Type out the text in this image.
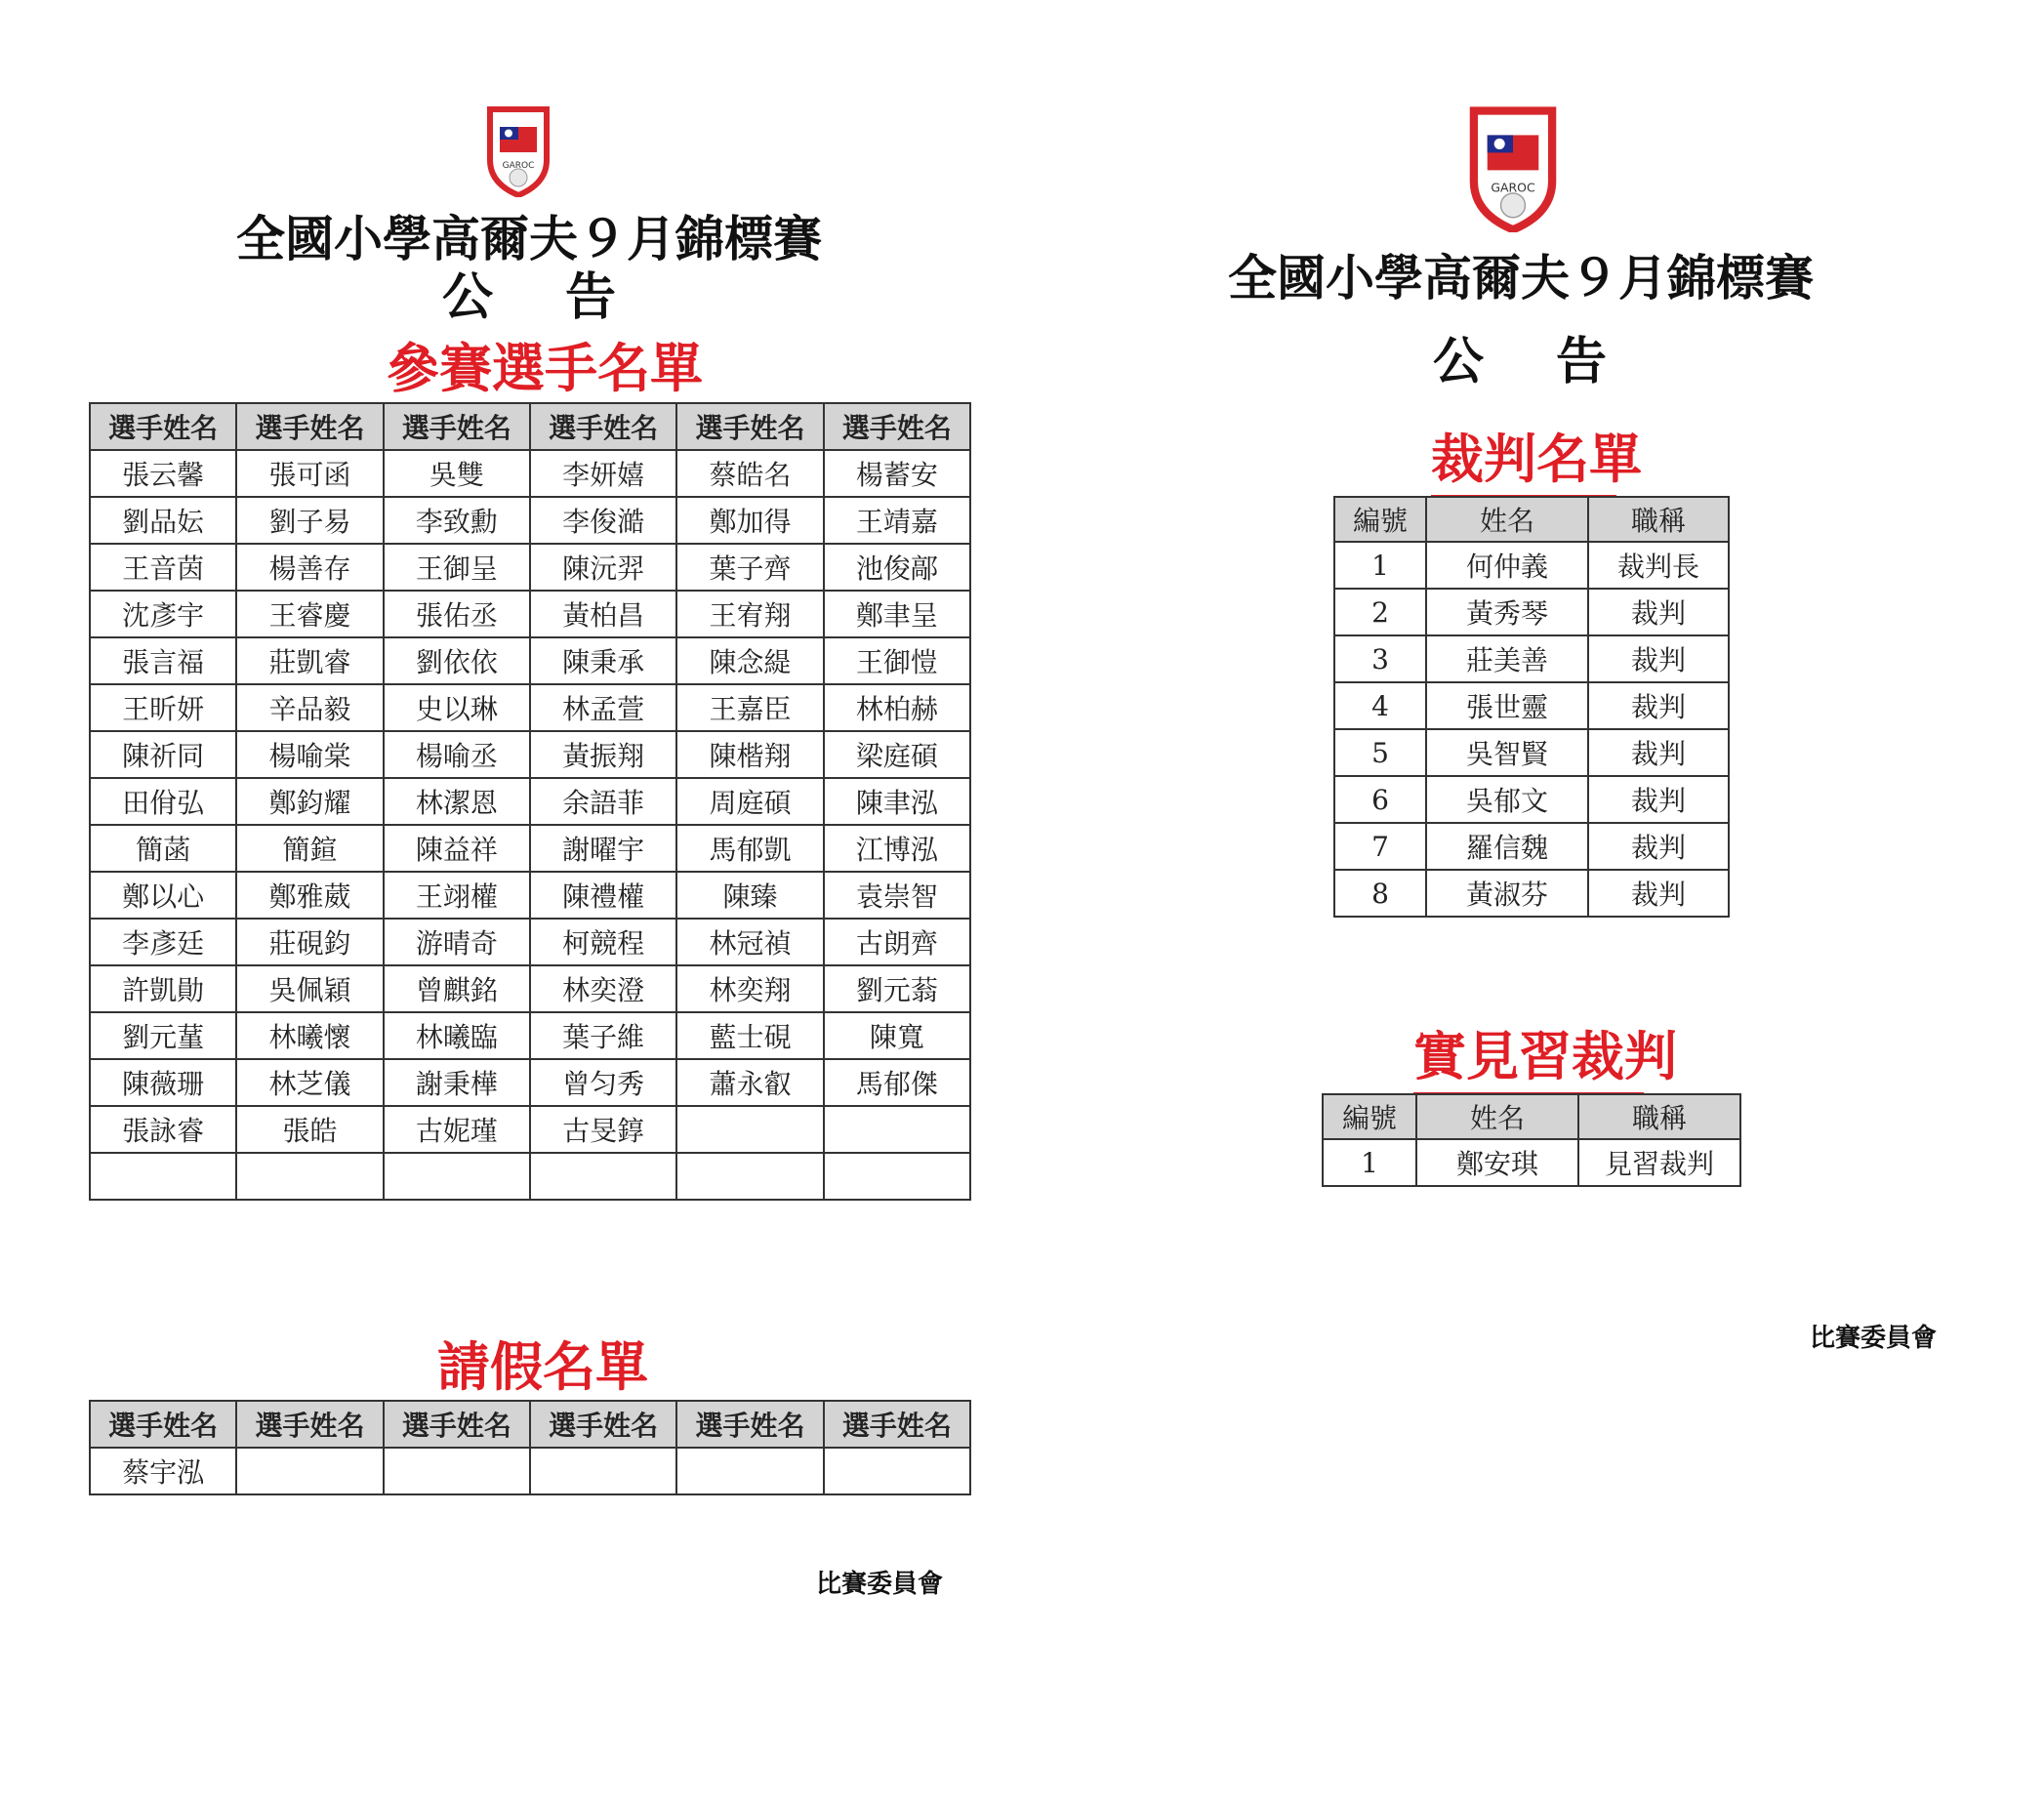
GAROC
全國小學高爾夫９月錦標賽
公 告
參賽選手名單
選手姓名	選手姓名	選手姓名	選手姓名	選手姓名	選手姓名
張云馨	張可函	吳雙	李妍嬉	蔡皓名	楊蓄安
劉品妘	劉子易	李致勳	李俊澔	鄭加得	王靖嘉
王音茵	楊善存	王御呈	陳沅羿	葉子齊	池俊鄗
沈彥宇	王睿慶	張佑丞	黃柏昌	王宥翔	鄭聿呈
張言福	莊凱睿	劉依依	陳秉承	陳念緹	王御愷
王昕妍	辛品毅	史以琳	林孟萱	王嘉臣	林柏赫
陳祈同	楊喻棠	楊喻丞	黃振翔	陳楷翔	梁庭碩
田佾弘	鄭鈞耀	林潔恩	余語菲	周庭碩	陳聿泓
簡菡	簡鍹	陳益祥	謝曜宇	馬郁凱	江博泓
鄭以心	鄭雅葳	王翊權	陳禮權	陳臻	袁崇智
李彥廷	莊硯鈞	游晴奇	柯競程	林冠禎	古朗齊
許凱勛	吳佩穎	曾麒銘	林奕澄	林奕翔	劉元蓊
劉元蓳	林曦懷	林曦臨	葉子維	藍士硯	陳寬
陳薇珊	林芝儀	謝秉樺	曾匀秀	蕭永叡	馬郁傑
張詠睿	張皓	古妮瑾	古旻錞		

請假名單
選手姓名	選手姓名	選手姓名	選手姓名	選手姓名	選手姓名
蔡宇泓					
比賽委員會
GAROC
全國小學高爾夫９月錦標賽
公 告
裁判名單
編號	姓名	職稱
1	何仲義	裁判長
2	黃秀琴	裁判
3	莊美善	裁判
4	張世靈	裁判
5	吳智賢	裁判
6	吳郁文	裁判
7	羅信魏	裁判
8	黃淑芬	裁判
實見習裁判
編號	姓名	職稱
1	鄭安琪	見習裁判
比賽委員會
